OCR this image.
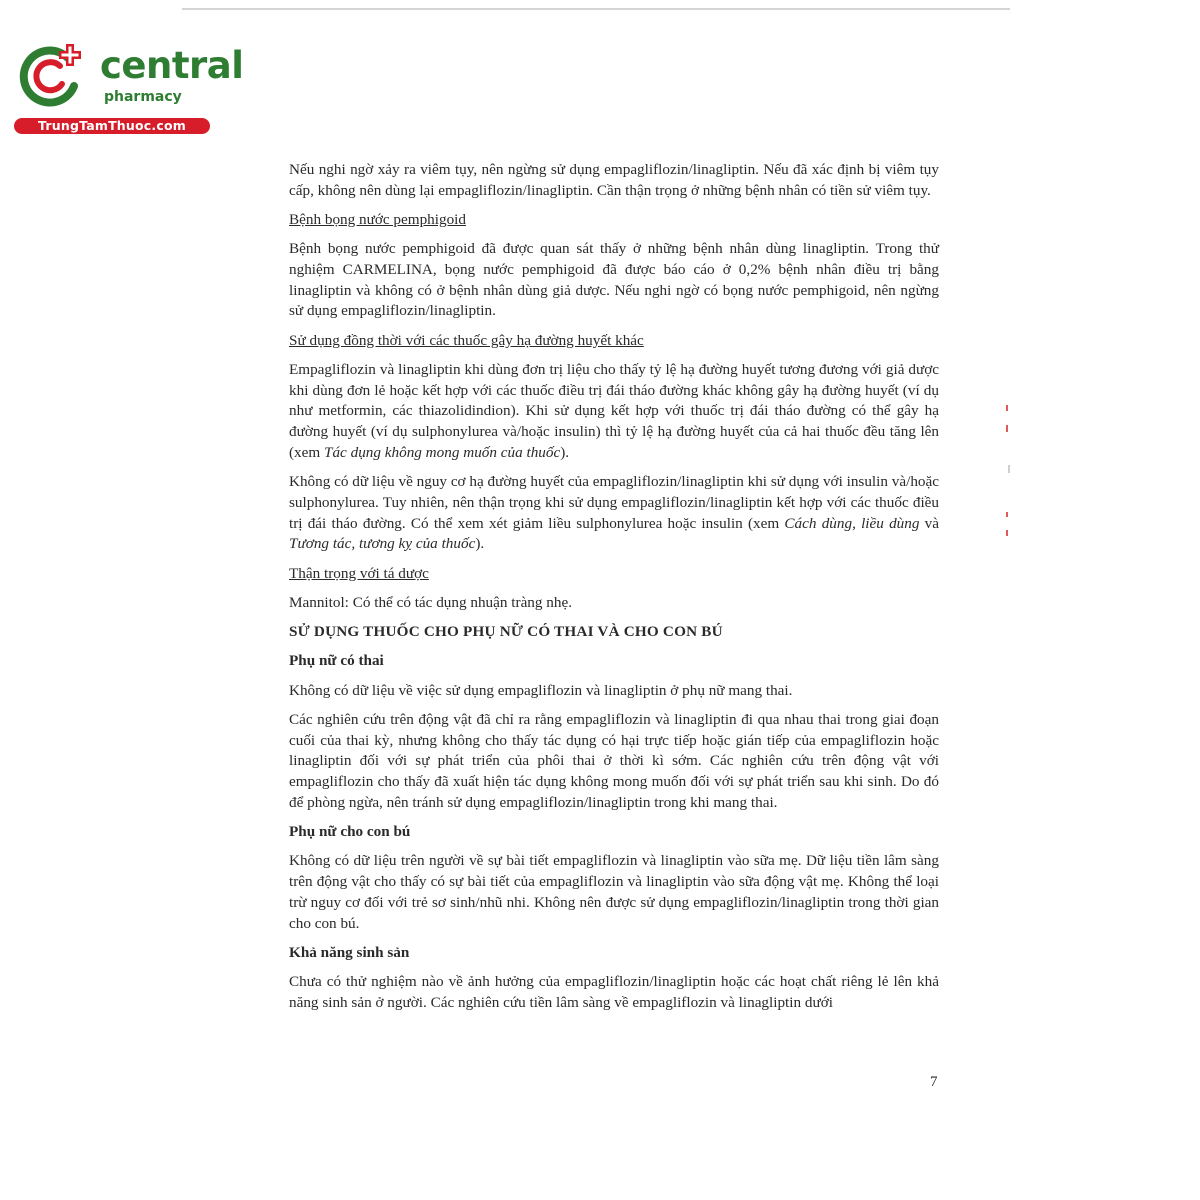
central
pharmacy
TrungTamThuoc.com

Nếu nghi ngờ xảy ra viêm tụy, nên ngừng sử dụng empagliflozin/linagliptin. Nếu đã xác định bị viêm tụy cấp, không nên dùng lại empagliflozin/linagliptin. Cần thận trọng ở những bệnh nhân có tiền sử viêm tụy.

Bệnh bọng nước pemphigoid

Bệnh bọng nước pemphigoid đã được quan sát thấy ở những bệnh nhân dùng linagliptin. Trong thử nghiệm CARMELINA, bọng nước pemphigoid đã được báo cáo ở 0,2% bệnh nhân điều trị bằng linagliptin và không có ở bệnh nhân dùng giả dược. Nếu nghi ngờ có bọng nước pemphigoid, nên ngừng sử dụng empagliflozin/linagliptin.

Sử dụng đồng thời với các thuốc gây hạ đường huyết khác

Empagliflozin và linagliptin khi dùng đơn trị liệu cho thấy tỷ lệ hạ đường huyết tương đương với giả dược khi dùng đơn lẻ hoặc kết hợp với các thuốc điều trị đái tháo đường khác không gây hạ đường huyết (ví dụ như metformin, các thiazolidindion). Khi sử dụng kết hợp với thuốc trị đái tháo đường có thể gây hạ đường huyết (ví dụ sulphonylurea và/hoặc insulin) thì tỷ lệ hạ đường huyết của cả hai thuốc đều tăng lên (xem Tác dụng không mong muốn của thuốc).

Không có dữ liệu về nguy cơ hạ đường huyết của empagliflozin/linagliptin khi sử dụng với insulin và/hoặc sulphonylurea. Tuy nhiên, nên thận trọng khi sử dụng empagliflozin/linagliptin kết hợp với các thuốc điều trị đái tháo đường. Có thể xem xét giảm liều sulphonylurea hoặc insulin (xem Cách dùng, liều dùng và Tương tác, tương kỵ của thuốc).

Thận trọng với tá dược

Mannitol: Có thể có tác dụng nhuận tràng nhẹ.

SỬ DỤNG THUỐC CHO PHỤ NỮ CÓ THAI VÀ CHO CON BÚ

Phụ nữ có thai

Không có dữ liệu về việc sử dụng empagliflozin và linagliptin ở phụ nữ mang thai.

Các nghiên cứu trên động vật đã chỉ ra rằng empagliflozin và linagliptin đi qua nhau thai trong giai đoạn cuối của thai kỳ, nhưng không cho thấy tác dụng có hại trực tiếp hoặc gián tiếp của empagliflozin hoặc linagliptin đối với sự phát triển của phôi thai ở thời kì sớm. Các nghiên cứu trên động vật với empagliflozin cho thấy đã xuất hiện tác dụng không mong muốn đối với sự phát triển sau khi sinh. Do đó để phòng ngừa, nên tránh sử dụng empagliflozin/linagliptin trong khi mang thai.

Phụ nữ cho con bú

Không có dữ liệu trên người về sự bài tiết empagliflozin và linagliptin vào sữa mẹ. Dữ liệu tiền lâm sàng trên động vật cho thấy có sự bài tiết của empagliflozin và linagliptin vào sữa động vật mẹ. Không thể loại trừ nguy cơ đối với trẻ sơ sinh/nhũ nhi. Không nên được sử dụng empagliflozin/linagliptin trong thời gian cho con bú.

Khả năng sinh sản

Chưa có thử nghiệm nào về ảnh hưởng của empagliflozin/linagliptin hoặc các hoạt chất riêng lẻ lên khả năng sinh sản ở người. Các nghiên cứu tiền lâm sàng về empagliflozin và linagliptin dưới

7
